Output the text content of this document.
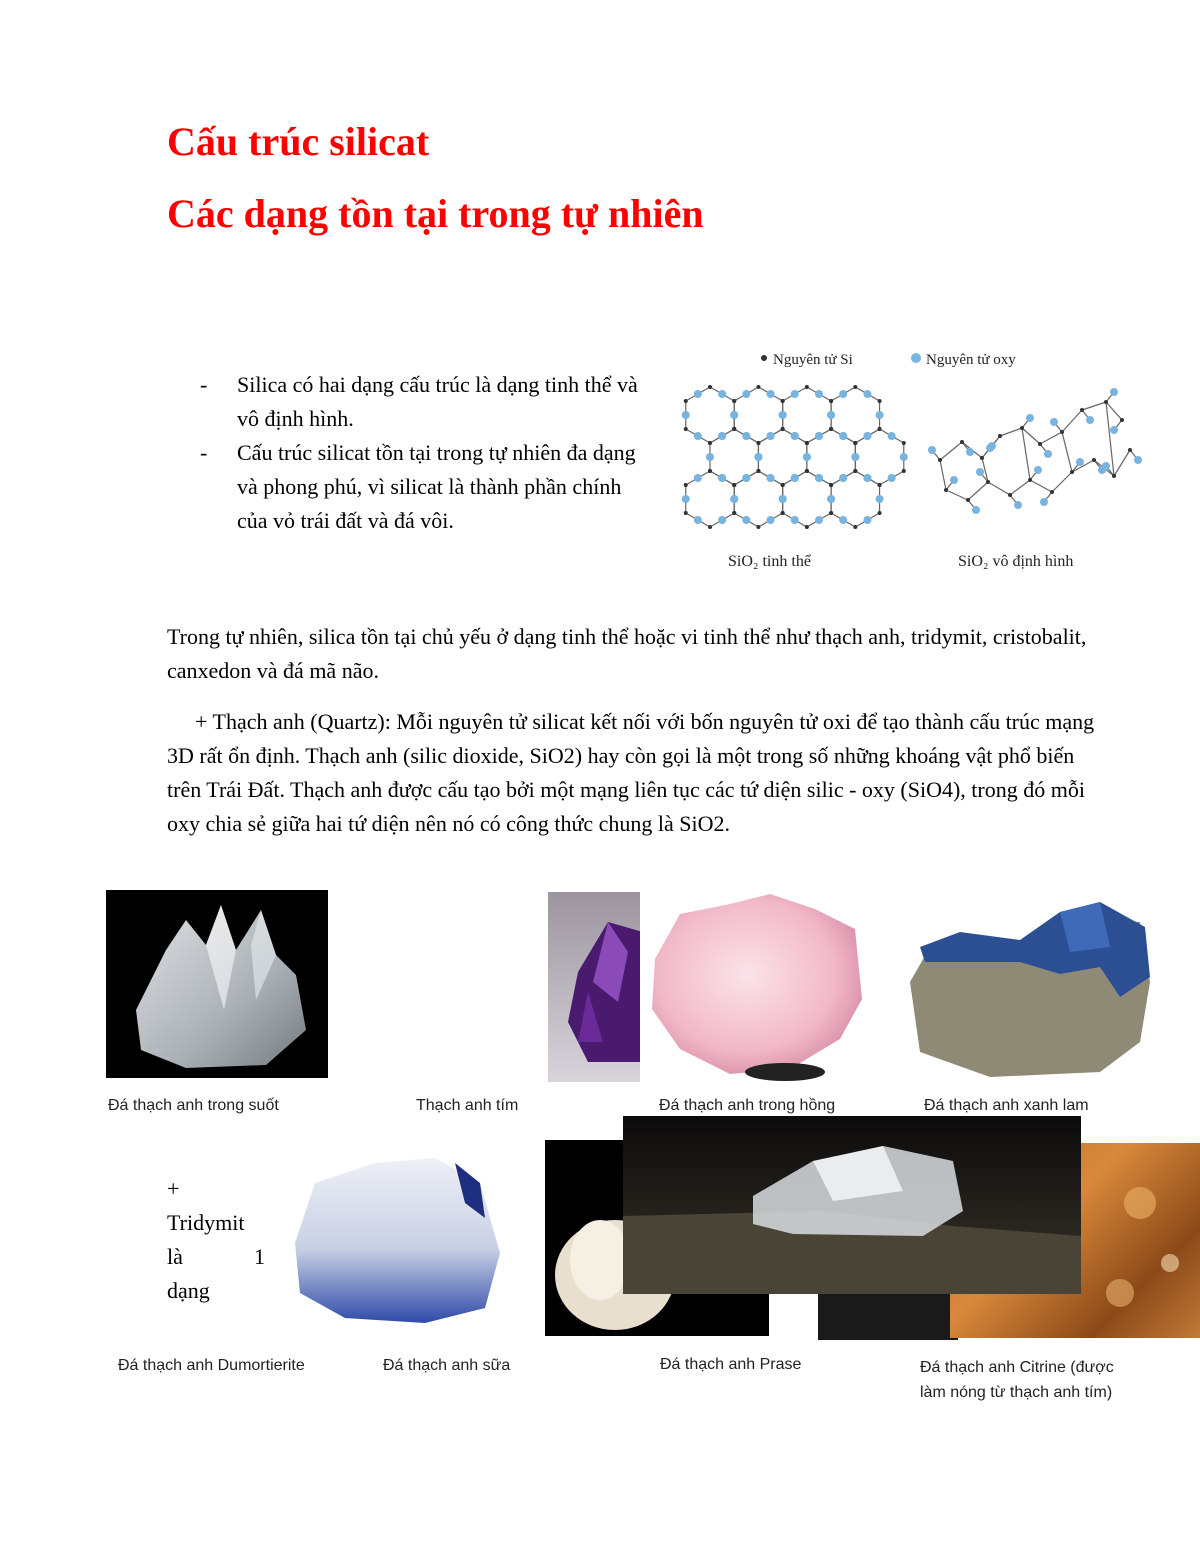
Cấu trúc silicat
Các dạng tồn tại trong tự nhiên
-	Silica có hai dạng cấu trúc là dạng tinh thể và vô định hình.
-	Cấu trúc silicat tồn tại trong tự nhiên đa dạng và phong phú, vì silicat là thành phần chính của vỏ trái đất và đá vôi.
Nguyên tử Si	Nguyên tử oxy
SiO₂ tinh thể	SiO₂ vô định hình

Trong tự nhiên, silica tồn tại chủ yếu ở dạng tinh thể hoặc vi tinh thể như thạch anh, tridymit, cristobalit, canxedon và đá mã não.

+ Thạch anh (Quartz): Mỗi nguyên tử silicat kết nối với bốn nguyên tử oxi để tạo thành cấu trúc mạng 3D rất ổn định. Thạch anh (silic dioxide, SiO2) hay còn gọi là một trong số những khoáng vật phổ biến trên Trái Đất. Thạch anh được cấu tạo bởi một mạng liên tục các tứ diện silic - oxy (SiO4), trong đó mỗi oxy chia sẻ giữa hai tứ diện nên nó có công thức chung là SiO2.

Đá thạch anh trong suốt	Thạch anh tím	Đá thạch anh trong hồng	Đá thạch anh xanh lam
+
Tridymit
là	1
dạng
Đá thạch anh Dumortierite	Đá thạch anh sữa	Đá thạch anh Prase	Đá thạch anh Citrine (được
làm nóng từ thạch anh tím)
